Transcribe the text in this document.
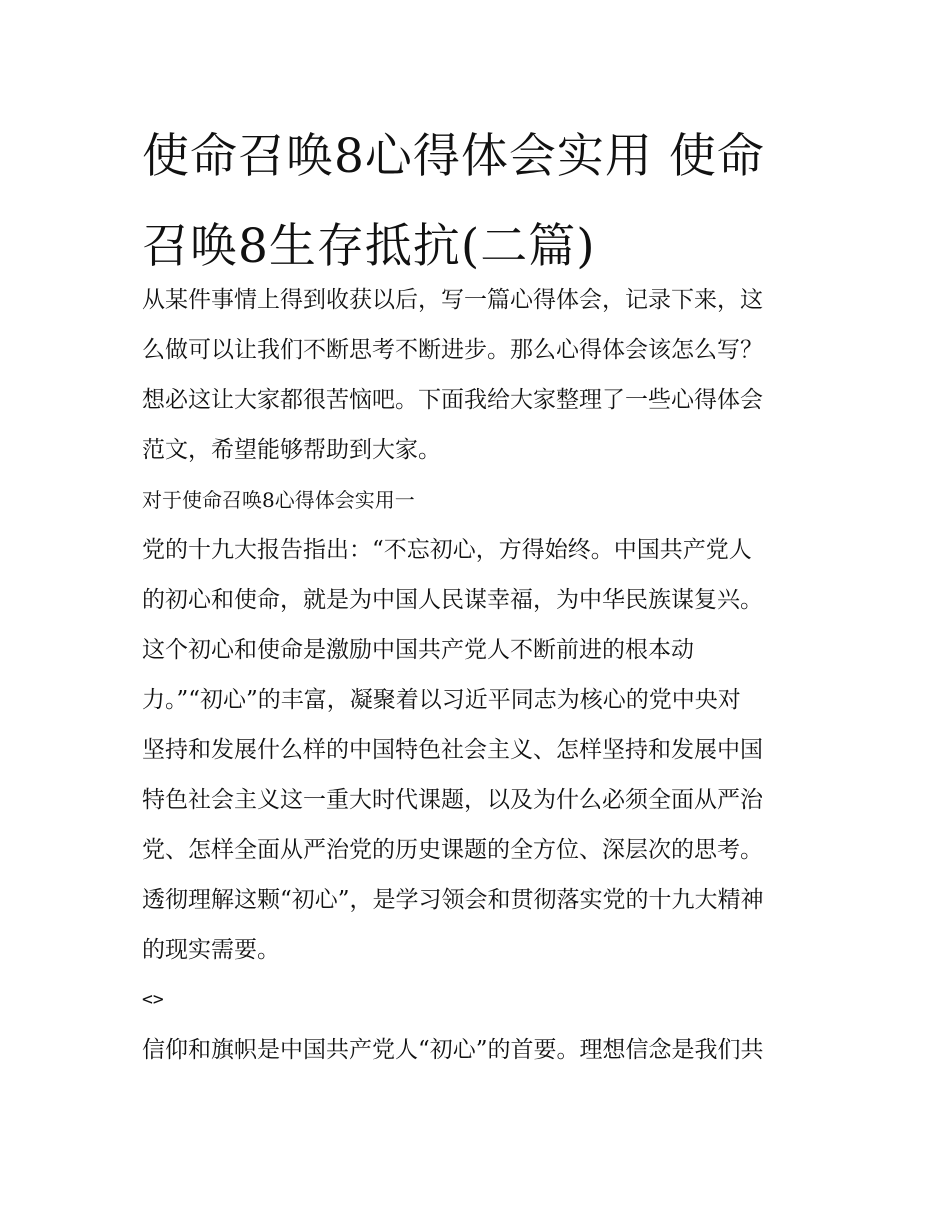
使命召唤8心得体会实用 使命
召唤8生存抵抗(二篇)
从某件事情上得到收获以后，写一篇心得体会，记录下来，这
么做可以让我们不断思考不断进步。那么心得体会该怎么写？
想必这让大家都很苦恼吧。下面我给大家整理了一些心得体会
范文，希望能够帮助到大家。
对于使命召唤8心得体会实用一
党的十九大报告指出：“不忘初心，方得始终。中国共产党人
的初心和使命，就是为中国人民谋幸福，为中华民族谋复兴。
这个初心和使命是激励中国共产党人不断前进的根本动
力。”“初心”的丰富，凝聚着以习近平同志为核心的党中央对
坚持和发展什么样的中国特色社会主义、怎样坚持和发展中国
特色社会主义这一重大时代课题，以及为什么必须全面从严治
党、怎样全面从严治党的历史课题的全方位、深层次的思考。
透彻理解这颗“初心”，是学习领会和贯彻落实党的十九大精神
的现实需要。
<>
信仰和旗帜是中国共产党人“初心”的首要。理想信念是我们共
